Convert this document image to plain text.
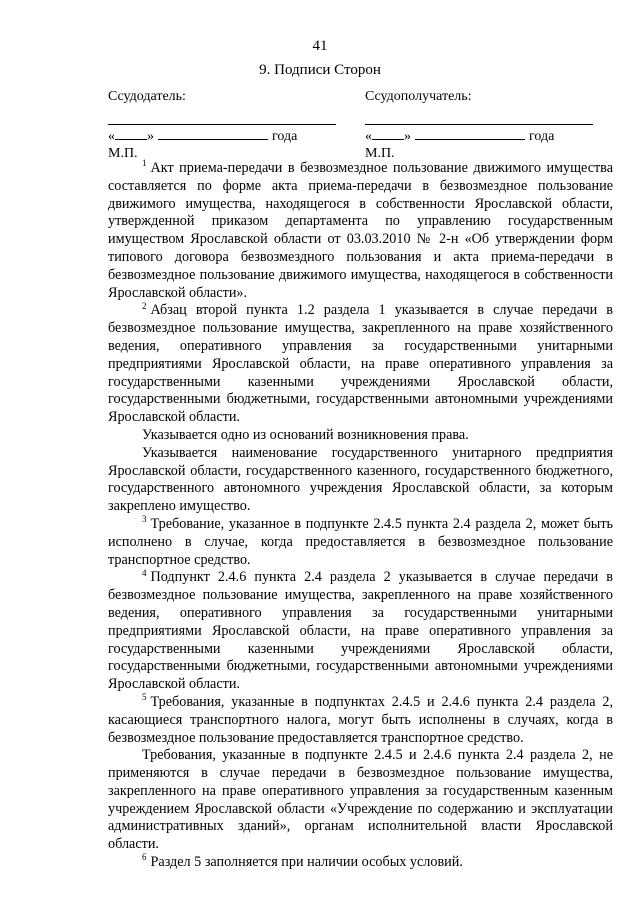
41
9. Подписи Сторон
Ссудодатель:
« »	года
М.П.
Ссудополучатель:
« »	года
М.П.

$^1$ Акт приема-передачи в безвозмездное пользование движимого имущества составляется по форме акта приема-передачи в безвозмездное пользование движимого имущества, находящегося в собственности Ярославской области, утвержденной приказом департамента по управлению государственным имуществом Ярославской области от 03.03.2010 № 2-н «Об утверждении форм типового договора безвозмездного пользования и акта приема-передачи в безвозмездное пользование движимого имущества, находящегося в собственности Ярославской области».

$^2$ Абзац второй пункта 1.2 раздела 1 указывается в случае передачи в безвозмездное пользование имущества, закрепленного на праве хозяйственного ведения, оперативного управления за государственными унитарными предприятиями Ярославской области, на праве оперативного управления за государственными казенными учреждениями Ярославской области, государственными бюджетными, государственными автономными учреждениями Ярославской области.

Указывается одно из оснований возникновения права.

Указывается наименование государственного унитарного предприятия Ярославской области, государственного казенного, государственного бюджетного, государственного автономного учреждения Ярославской области, за которым закреплено имущество.

$^3$ Требование, указанное в подпункте 2.4.5 пункта 2.4 раздела 2, может быть исполнено в случае, когда предоставляется в безвозмездное пользование транспортное средство.

$^4$ Подпункт 2.4.6 пункта 2.4 раздела 2 указывается в случае передачи в безвозмездное пользование имущества, закрепленного на праве хозяйственного ведения, оперативного управления за государственными унитарными предприятиями Ярославской области, на праве оперативного управления за государственными казенными учреждениями Ярославской области, государственными бюджетными, государственными автономными учреждениями Ярославской области.

$^5$ Требования, указанные в подпунктах 2.4.5 и 2.4.6 пункта 2.4 раздела 2, касающиеся транспортного налога, могут быть исполнены в случаях, когда в безвозмездное пользование предоставляется транспортное средство.

Требования, указанные в подпункте 2.4.5 и 2.4.6 пункта 2.4 раздела 2, не применяются в случае передачи в безвозмездное пользование имущества, закрепленного на праве оперативного управления за государственным казенным учреждением Ярославской области «Учреждение по содержанию и эксплуатации административных зданий», органам исполнительной власти Ярославской области.

$^6$ Раздел 5 заполняется при наличии особых условий.
